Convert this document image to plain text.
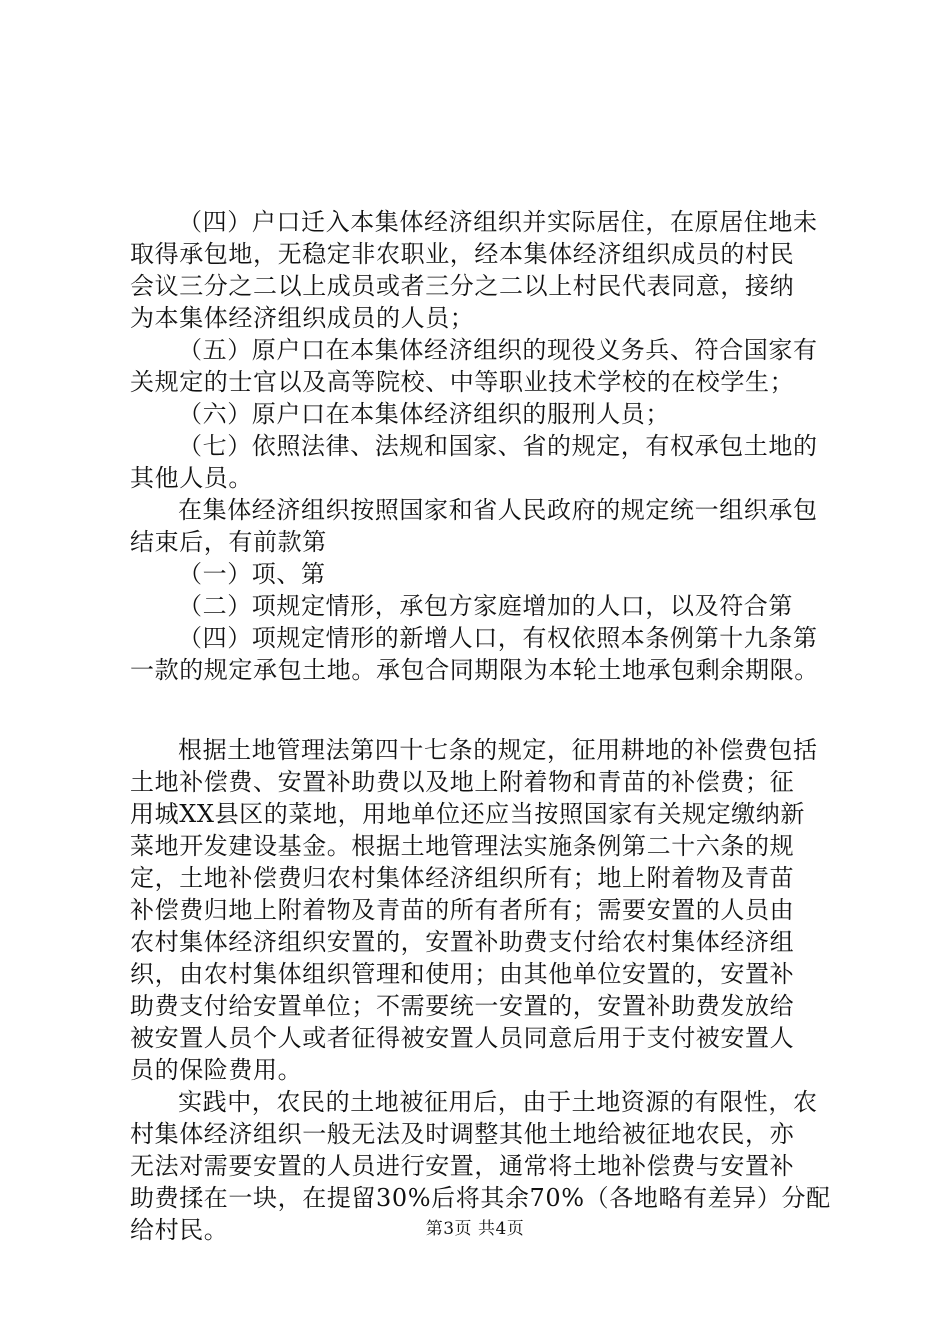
（四）户口迁入本集体经济组织并实际居住，在原居住地未
取得承包地，无稳定非农职业，经本集体经济组织成员的村民
会议三分之二以上成员或者三分之二以上村民代表同意，接纳
为本集体经济组织成员的人员；
（五）原户口在本集体经济组织的现役义务兵、符合国家有
关规定的士官以及高等院校、中等职业技术学校的在校学生；
（六）原户口在本集体经济组织的服刑人员；
（七）依照法律、法规和国家、省的规定，有权承包土地的
其他人员。
在集体经济组织按照国家和省人民政府的规定统一组织承包
结束后，有前款第
（一）项、第
（二）项规定情形，承包方家庭增加的人口，以及符合第
（四）项规定情形的新增人口，有权依照本条例第十九条第
一款的规定承包土地。承包合同期限为本轮土地承包剩余期限。
根据土地管理法第四十七条的规定，征用耕地的补偿费包括
土地补偿费、安置补助费以及地上附着物和青苗的补偿费；征
用城XX县区的菜地，用地单位还应当按照国家有关规定缴纳新
菜地开发建设基金。根据土地管理法实施条例第二十六条的规
定，土地补偿费归农村集体经济组织所有；地上附着物及青苗
补偿费归地上附着物及青苗的所有者所有；需要安置的人员由
农村集体经济组织安置的，安置补助费支付给农村集体经济组
织，由农村集体组织管理和使用；由其他单位安置的，安置补
助费支付给安置单位；不需要统一安置的，安置补助费发放给
被安置人员个人或者征得被安置人员同意后用于支付被安置人
员的保险费用。
实践中，农民的土地被征用后，由于土地资源的有限性，农
村集体经济组织一般无法及时调整其他土地给被征地农民，亦
无法对需要安置的人员进行安置，通常将土地补偿费与安置补
助费揉在一块，在提留30%后将其余70%（各地略有差异）分配
给村民。	第3页 共4页
